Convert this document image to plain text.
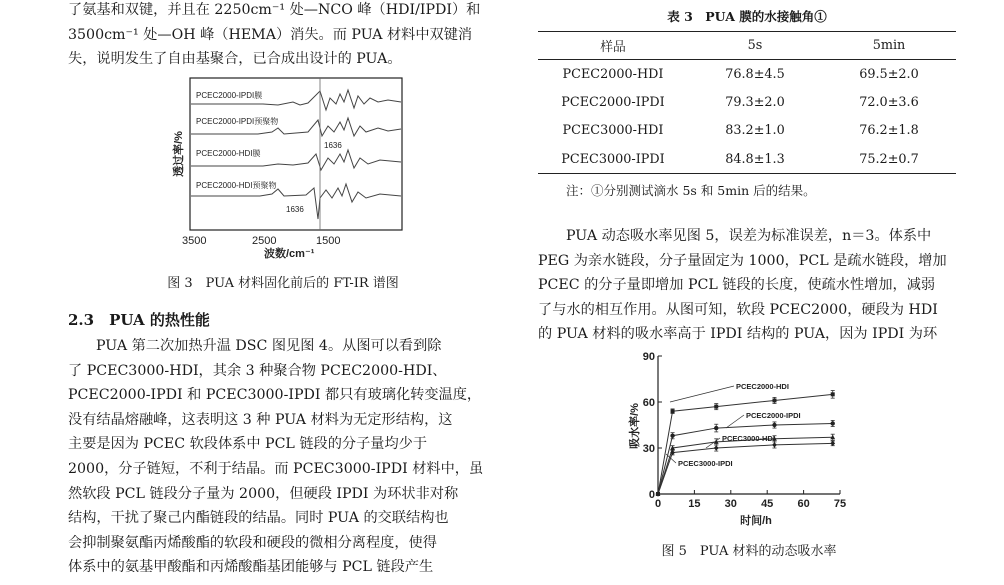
了氨基和双键，并且在 2250cm⁻¹ 处—NCO 峰（HDI/IPDI）和
3500cm⁻¹ 处—OH 峰（HEMA）消失。而 PUA 材料中双键消
失，说明发生了自由基聚合，已合成出设计的 PUA。

PCEC2000-IPDI膜
PCEC2000-IPDI预聚物
PCEC2000-HDI膜
PCEC2000-HDI预聚物
1636
1636
3500	2500	1500
波数/cm⁻¹
透过率/%

图 3　PUA 材料固化前后的 FT-IR 谱图

2.3　PUA 的热性能

PUA 第二次加热升温 DSC 图见图 4。从图可以看到除
了 PCEC3000-HDI，其余 3 种聚合物 PCEC2000-HDI、
PCEC2000-IPDI 和 PCEC3000-IPDI 都只有玻璃化转变温度，
没有结晶熔融峰，这表明这 3 种 PUA 材料为无定形结构，这
主要是因为 PCEC 软段体系中 PCL 链段的分子量均少于
2000，分子链短，不利于结晶。而 PCEC3000-IPDI 材料中，虽
然软段 PCL 链段分子量为 2000，但硬段 IPDI 为环状非对称
结构，干扰了聚己内酯链段的结晶。同时 PUA 的交联结构也
会抑制聚氨酯丙烯酸酯的软段和硬段的微相分离程度，使得
体系中的氨基甲酸酯和丙烯酸酯基团能够与 PCL 链段产生

表 3　PUA 膜的水接触角①

样品	5s	5min
PCEC2000-HDI	76.8±4.5	69.5±2.0
PCEC2000-IPDI	79.3±2.0	72.0±3.6
PCEC3000-HDI	83.2±1.0	76.2±1.8
PCEC3000-IPDI	84.8±1.3	75.2±0.7

注：①分别测试滴水 5s 和 5min 后的结果。

PUA 动态吸水率见图 5，误差为标准误差，n＝3。体系中
PEG 为亲水链段，分子量固定为 1000，PCL 是疏水链段，增加
PCEC 的分子量即增加 PCL 链段的长度，使疏水性增加，减弱
了与水的相互作用。从图可知，软段 PCEC2000，硬段为 HDI
的 PUA 材料的吸水率高于 IPDI 结构的 PUA，因为 IPDI 为环

0 15 30 45 60 75
0
30
60
90
PCEC2000-HDI
PCEC2000-IPDI
PCEC3000-HDI
PCEC3000-IPDI
时间/h
吸水率/%

图 5　PUA 材料的动态吸水率
